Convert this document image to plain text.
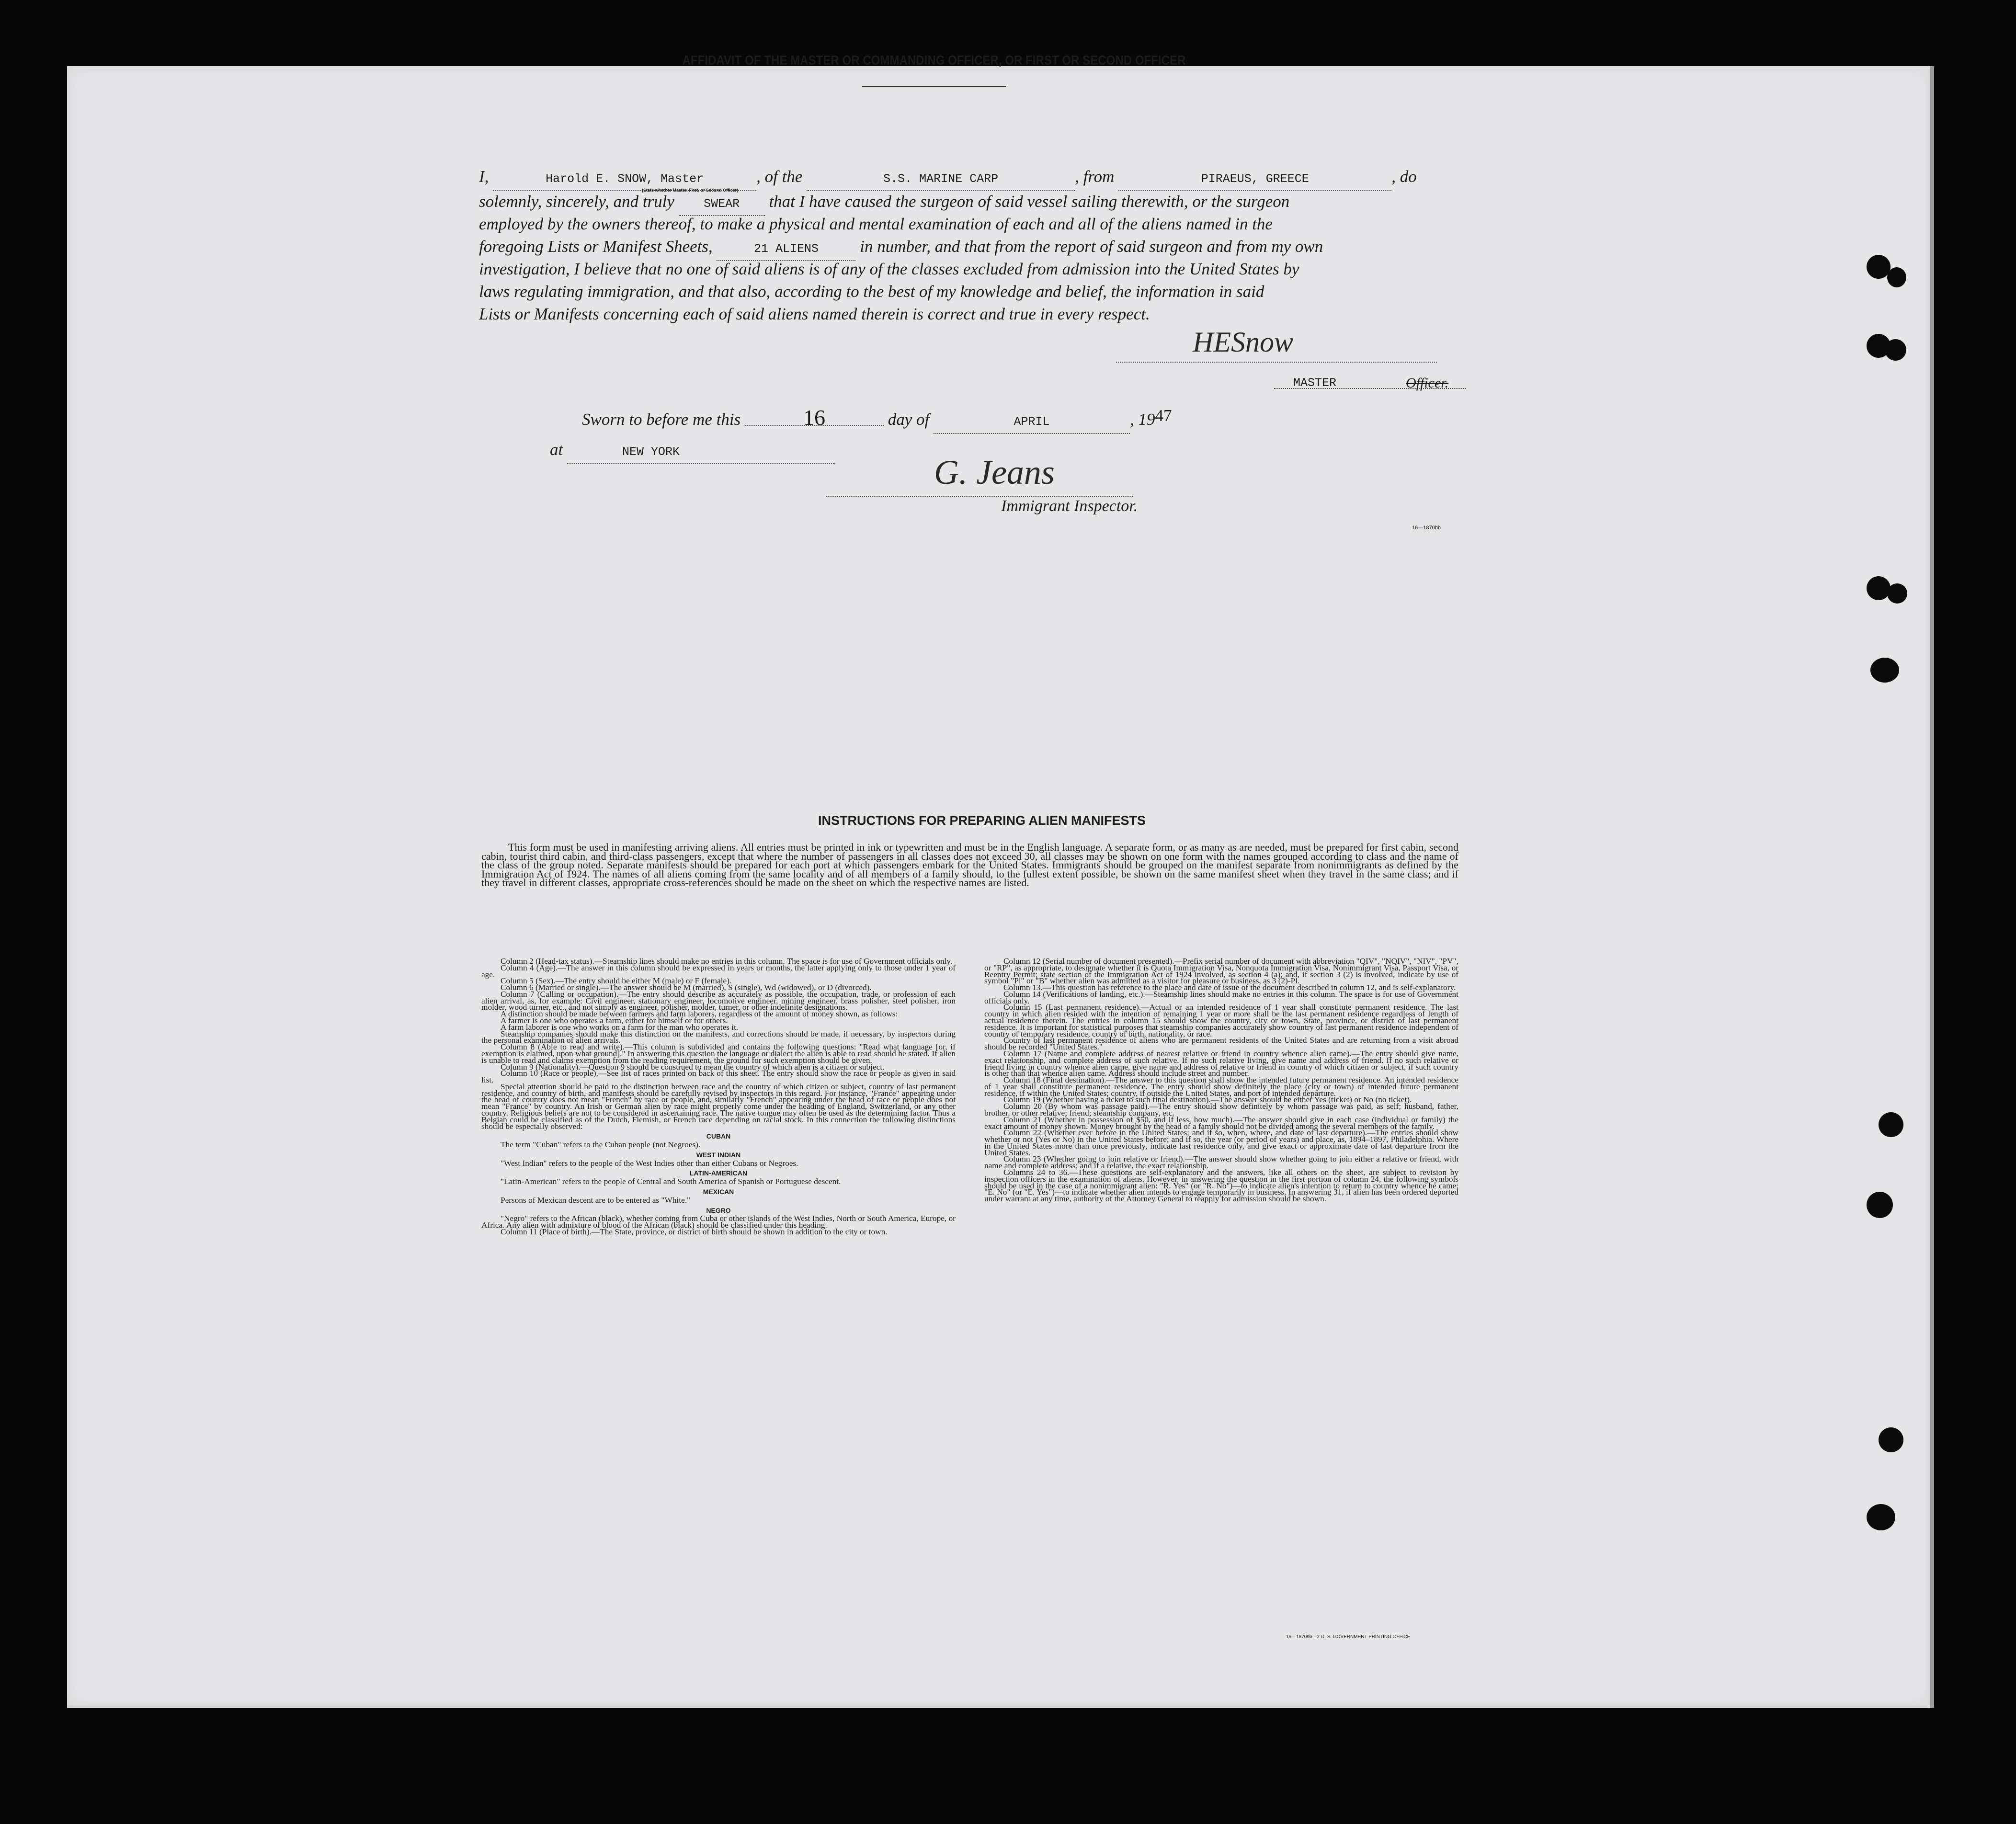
AFFIDAVIT OF THE MASTER OR COMMANDING OFFICER, OR FIRST OR SECOND OFFICER
I,	Harold E. SNOW, Master	, of the	S.S. MARINE CARP	, from	PIRAEUS, GREECE	, do
(State whether Master, First, or Second Officer)
solemnly, sincerely, and truly SWEAR that I have caused the surgeon of said vessel sailing therewith, or the surgeon
employed by the owners thereof, to make a physical and mental examination of each and all of the aliens named in the
foregoing Lists or Manifest Sheets,	21 ALIENS in number, and that from the report of said surgeon and from my own
investigation, I believe that no one of said aliens is of any of the classes excluded from admission into the United States by
laws regulating immigration, and that also, according to the best of my knowledge and belief, the information in said
Lists or Manifests concerning each of said aliens named therein is correct and true in every respect.
HESnow
MASTER	Officer.
Sworn to before me this	16	day of	APRIL	, 1947
at	NEW YORK
G. Jeans
Immigrant Inspector.
16—1870bb
INSTRUCTIONS FOR PREPARING ALIEN MANIFESTS

This form must be used in manifesting arriving aliens. All entries must be printed in ink or typewritten and must be in the English language. A separate form, or as many as are needed, must be prepared for first cabin, second cabin, tourist third cabin, and third-class passengers, except that where the number of passengers in all classes does not exceed 30, all classes may be shown on one form with the names grouped according to class and the name of the class of the group noted. Separate manifests should be prepared for each port at which passengers embark for the United States. Immigrants should be grouped on the manifest separate from nonimmigrants as defined by the Immigration Act of 1924. The names of all aliens coming from the same locality and of all members of a family should, to the fullest extent possible, be shown on the same manifest sheet when they travel in the same class; and if they travel in different classes, appropriate cross-references should be made on the sheet on which the respective names are listed.

Column 2 (Head-tax status).—Steamship lines should make no entries in this column. The space is for use of Government officials only.

Column 4 (Age).—The answer in this column should be expressed in years or months, the latter applying only to those under 1 year of age.

Column 5 (Sex).—The entry should be either M (male) or F (female).

Column 6 (Married or single).—The answer should be M (married), S (single), Wd (widowed), or D (divorced).

Column 7 (Calling or occupation).—The entry should describe as accurately as possible, the occupation, trade, or profession of each alien arrival, as, for example: Civil engineer, stationary engineer, locomotive engineer, mining engineer, brass polisher, steel polisher, iron molder, wood turner, etc., and not simply as engineer, polisher, molder, turner, or other indefinite designations.

A distinction should be made between farmers and farm laborers, regardless of the amount of money shown, as follows:

A farmer is one who operates a farm, either for himself or for others.

A farm laborer is one who works on a farm for the man who operates it.

Steamship companies should make this distinction on the manifests, and corrections should be made, if necessary, by inspectors during the personal examination of alien arrivals.

Column 8 (Able to read and write).—This column is subdivided and contains the following questions: "Read what language [or, if exemption is claimed, upon what ground]." In answering this question the language or dialect the alien is able to read should be stated. If alien is unable to read and claims exemption from the reading requirement, the ground for such exemption should be given.

Column 9 (Nationality).—Question 9 should be construed to mean the country of which alien is a citizen or subject.

Column 10 (Race or people).—See list of races printed on back of this sheet. The entry should show the race or people as given in said list.

Special attention should be paid to the distinction between race and the country of which citizen or subject, country of last permanent residence, and country of birth, and manifests should be carefully revised by inspectors in this regard. For instance, "France" appearing under the head of country does not mean "French" by race or people, and, similarly "French" appearing under the head of race or people does not mean "France" by country. An Irish or German alien by race might properly come under the heading of England, Switzerland, or any other country. Religious beliefs are not to be considered in ascertaining race. The native tongue may often be used as the determining factor. Thus a Belgian could be classified as of the Dutch, Flemish, or French race depending on racial stock. In this connection the following distinctions should be especially observed:

CUBAN

The term "Cuban" refers to the Cuban people (not Negroes).

WEST INDIAN

"West Indian" refers to the people of the West Indies other than either Cubans or Negroes.

LATIN-AMERICAN

"Latin-American" refers to the people of Central and South America of Spanish or Portuguese descent.

MEXICAN

Persons of Mexican descent are to be entered as "White."

NEGRO

"Negro" refers to the African (black), whether coming from Cuba or other islands of the West Indies, North or South America, Europe, or Africa. Any alien with admixture of blood of the African (black) should be classified under this heading.

Column 11 (Place of birth).—The State, province, or district of birth should be shown in addition to the city or town.

Column 12 (Serial number of document presented).—Prefix serial number of document with abbreviation "QIV", "NQIV", "NIV", "PV", or "RP", as appropriate, to designate whether it is Quota Immigration Visa, Nonquota Immigration Visa, Nonimmigrant Visa, Passport Visa, or Reentry Permit; state section of the Immigration Act of 1924 involved, as section 4 (a); and, if section 3 (2) is involved, indicate by use of symbol "Pl" or "B" whether alien was admitted as a visitor for pleasure or business, as 3 (2)-Pl.

Column 13.—This question has reference to the place and date of issue of the document described in column 12, and is self-explanatory.

Column 14 (Verifications of landing, etc.).—Steamship lines should make no entries in this column. The space is for use of Government officials only.

Column 15 (Last permanent residence).—Actual or an intended residence of 1 year shall constitute permanent residence. The last country in which alien resided with the intention of remaining 1 year or more shall be the last permanent residence regardless of length of actual residence therein. The entries in column 15 should show the country, city or town, State, province, or district of last permanent residence. It is important for statistical purposes that steamship companies accurately show country of last permanent residence independent of country of temporary residence, country of birth, nationality, or race.

Country of last permanent residence of aliens who are permanent residents of the United States and are returning from a visit abroad should be recorded "United States."

Column 17 (Name and complete address of nearest relative or friend in country whence alien came).—The entry should give name, exact relationship, and complete address of such relative. If no such relative living, give name and address of friend. If no such relative or friend living in country whence alien came, give name and address of relative or friend in country of which citizen or subject, if such country is other than that whence alien came. Address should include street and number.

Column 18 (Final destination).—The answer to this question shall show the intended future permanent residence. An intended residence of 1 year shall constitute permanent residence. The entry should show definitely the place (city or town) of intended future permanent residence, if within the United States; country, if outside the United States, and port of intended departure.

Column 19 (Whether having a ticket to such final destination).—The answer should be either Yes (ticket) or No (no ticket).

Column 20 (By whom was passage paid).—The entry should show definitely by whom passage was paid, as self; husband, father, brother, or other relative; friend; steamship company, etc.

Column 21 (Whether in possession of $50, and if less, how much).—The answer should give in each case (individual or family) the exact amount of money shown. Money brought by the head of a family should not be divided among the several members of the family.

Column 22 (Whether ever before in the United States; and if so, when, where, and date of last departure).—The entries should show whether or not (Yes or No) in the United States before; and if so, the year (or period of years) and place, as, 1894–1897, Philadelphia. Where in the United States more than once previously, indicate last residence only, and give exact or approximate date of last departure from the United States.

Column 23 (Whether going to join relative or friend).—The answer should show whether going to join either a relative or friend, with name and complete address; and if a relative, the exact relationship.

Columns 24 to 36.—These questions are self-explanatory and the answers, like all others on the sheet, are subject to revision by inspection officers in the examination of aliens. However, in answering the question in the first portion of column 24, the following symbols should be used in the case of a nonimmigrant alien: "R. Yes" (or "R. No")—to indicate alien's intention to return to country whence he came; "E. No" (or "E. Yes")—to indicate whether alien intends to engage temporarily in business. In answering 31, if alien has been ordered deported under warrant at any time, authority of the Attorney General to reapply for admission should be shown.

16—18709b—2 U. S. GOVERNMENT PRINTING OFFICE
